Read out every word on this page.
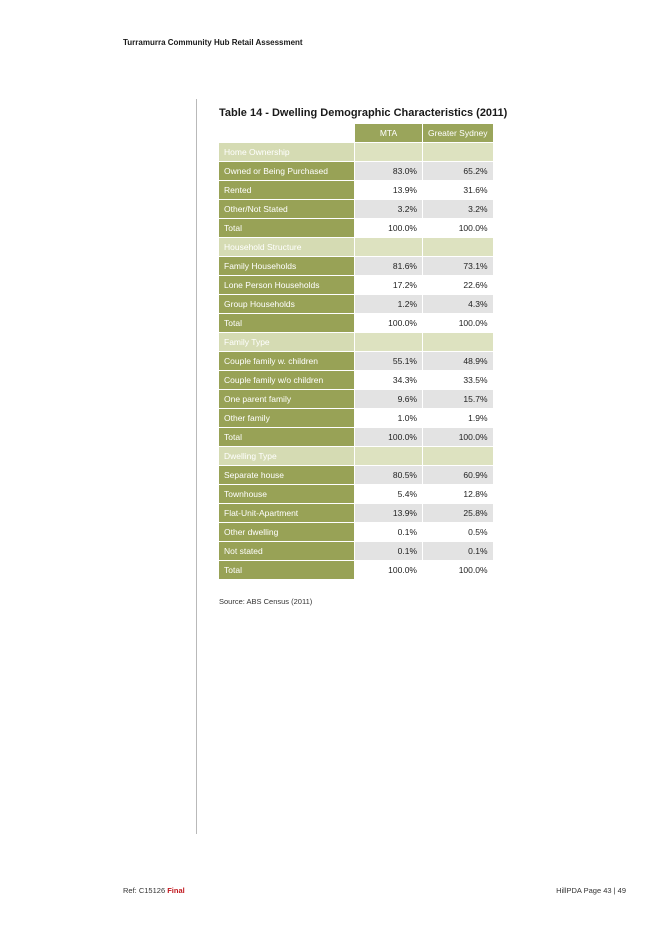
Turramurra Community Hub Retail Assessment
Table 14 - Dwelling Demographic Characteristics (2011)
	MTA	Greater Sydney
Home Ownership		
Owned or Being Purchased	83.0%	65.2%
Rented	13.9%	31.6%
Other/Not Stated	3.2%	3.2%
Total	100.0%	100.0%
Household Structure		
Family Households	81.6%	73.1%
Lone Person Households	17.2%	22.6%
Group Households	1.2%	4.3%
Total	100.0%	100.0%
Family Type		
Couple family w. children	55.1%	48.9%
Couple family w/o children	34.3%	33.5%
One parent family	9.6%	15.7%
Other family	1.0%	1.9%
Total	100.0%	100.0%
Dwelling Type		
Separate house	80.5%	60.9%
Townhouse	5.4%	12.8%
Flat-Unit-Apartment	13.9%	25.8%
Other dwelling	0.1%	0.5%
Not stated	0.1%	0.1%
Total	100.0%	100.0%
Source: ABS Census (2011)
Ref: C15126 Final	HillPDA Page 43 | 49
